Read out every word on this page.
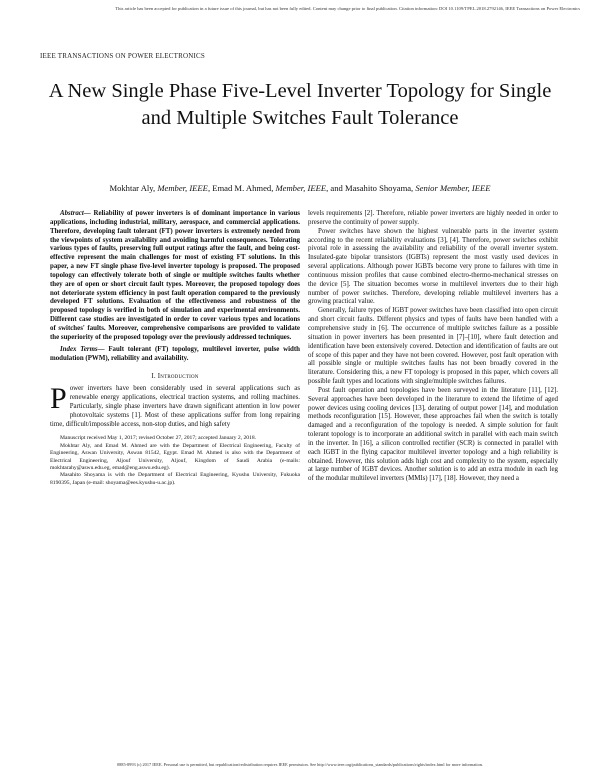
This article has been accepted for publication in a future issue of this journal, but has not been fully edited. Content may change prior to final publication. Citation information: DOI 10.1109/TPEL.2018.2792146, IEEE Transactions on Power Electronics
IEEE TRANSACTIONS ON POWER ELECTRONICS
A New Single Phase Five-Level Inverter Topology for Single and Multiple Switches Fault Tolerance
Mokhtar Aly, Member, IEEE, Emad M. Ahmed, Member, IEEE, and Masahito Shoyama, Senior Member, IEEE

Abstract— Reliability of power inverters is of dominant importance in various applications, including industrial, military, aerospace, and commercial applications. Therefore, developing fault tolerant (FT) power inverters is extremely needed from the viewpoints of system availability and avoiding harmful consequences. Tolerating various types of faults, preserving full output ratings after the fault, and being cost-effective represent the main challenges for most of existing FT solutions. In this paper, a new FT single phase five-level inverter topology is proposed. The proposed topology can effectively tolerate both of single or multiple switches faults whether they are of open or short circuit fault types. Moreover, the proposed topology does not deteriorate system efficiency in post fault operation compared to the previously developed FT solutions. Evaluation of the effectiveness and robustness of the proposed topology is verified in both of simulation and experimental environments. Different case studies are investigated in order to cover various types and locations of switches' faults. Moreover, comprehensive comparisons are provided to validate the superiority of the proposed topology over the previously addressed techniques.

Index Terms— Fault tolerant (FT) topology, multilevel inverter, pulse width modulation (PWM), reliability and availability.

I. Introduction

Power inverters have been considerably used in several applications such as renewable energy applications, electrical traction systems, and rolling machines. Particularly, single phase inverters have drawn significant attention in low power photovoltaic systems [1]. Most of these applications suffer from long repairing time, difficult/impossible access, non-stop duties, and high safety

Manuscript received May 1, 2017; revised October 27, 2017; accepted January 2, 2018.

Mokhtar Aly, and Emad M. Ahmed are with the Department of Electrical Engineering, Faculty of Engineering, Aswan University, Aswan 81542, Egypt. Emad M. Ahmed is also with the Department of Electrical Engineering, Aljouf University, Aljouf, Kingdom of Saudi Arabia (e-mails: mokhtarahy@aswu.edu.eg, emad@eng.aswu.edu.eg).

Masahito Shoyama is with the Department of Electrical Engineering, Kyushu University, Fukuoka 8190395, Japan (e-mail: shoyama@ees.kyushu-u.ac.jp).

levels requirements [2]. Therefore, reliable power inverters are highly needed in order to preserve the continuity of power supply.

Power switches have shown the highest vulnerable parts in the inverter system according to the recent reliability evaluations [3], [4]. Therefore, power switches exhibit pivotal role in assessing the availability and reliability of the overall inverter system. Insulated-gate bipolar transistors (IGBTs) represent the most vastly used devices in several applications. Although power IGBTs become very prone to failures with time in continuous mission profiles that cause combined electro-thermo-mechanical stresses on the device [5]. The situation becomes worse in multilevel inverters due to their high number of power switches. Therefore, developing reliable multilevel inverters has a growing practical value.

Generally, failure types of IGBT power switches have been classified into open circuit and short circuit faults. Different physics and types of faults have been handled with a comprehensive study in [6]. The occurrence of multiple switches failure as a possible situation in power inverters has been presented in [7]–[10], where fault detection and identification have been extensively covered. Detection and identification of faults are out of scope of this paper and they have not been covered. However, post fault operation with all possible single or multiple switches faults has not been broadly covered in the literature. Considering this, a new FT topology is proposed in this paper, which covers all possible fault types and locations with single/multiple switches failures.

Post fault operation and topologies have been surveyed in the literature [11], [12]. Several approaches have been developed in the literature to extend the lifetime of aged power devices using cooling devices [13], derating of output power [14], and modulation methods reconfiguration [15]. However, these approaches fail when the switch is totally damaged and a reconfiguration of the topology is needed. A simple solution for fault tolerant topology is to incorporate an additional switch in parallel with each main switch in the inverter. In [16], a silicon controlled rectifier (SCR) is connected in parallel with each IGBT in the flying capacitor multilevel inverter topology and a high reliability is obtained. However, this solution adds high cost and complexity to the system, especially at large number of IGBT devices. Another solution is to add an extra module in each leg of the modular multilevel inverters (MMIs) [17], [18]. However, they need a

0885-8993 (c) 2017 IEEE. Personal use is permitted, but republication/redistribution requires IEEE permission. See http://www.ieee.org/publications_standards/publications/rights/index.html for more information.
